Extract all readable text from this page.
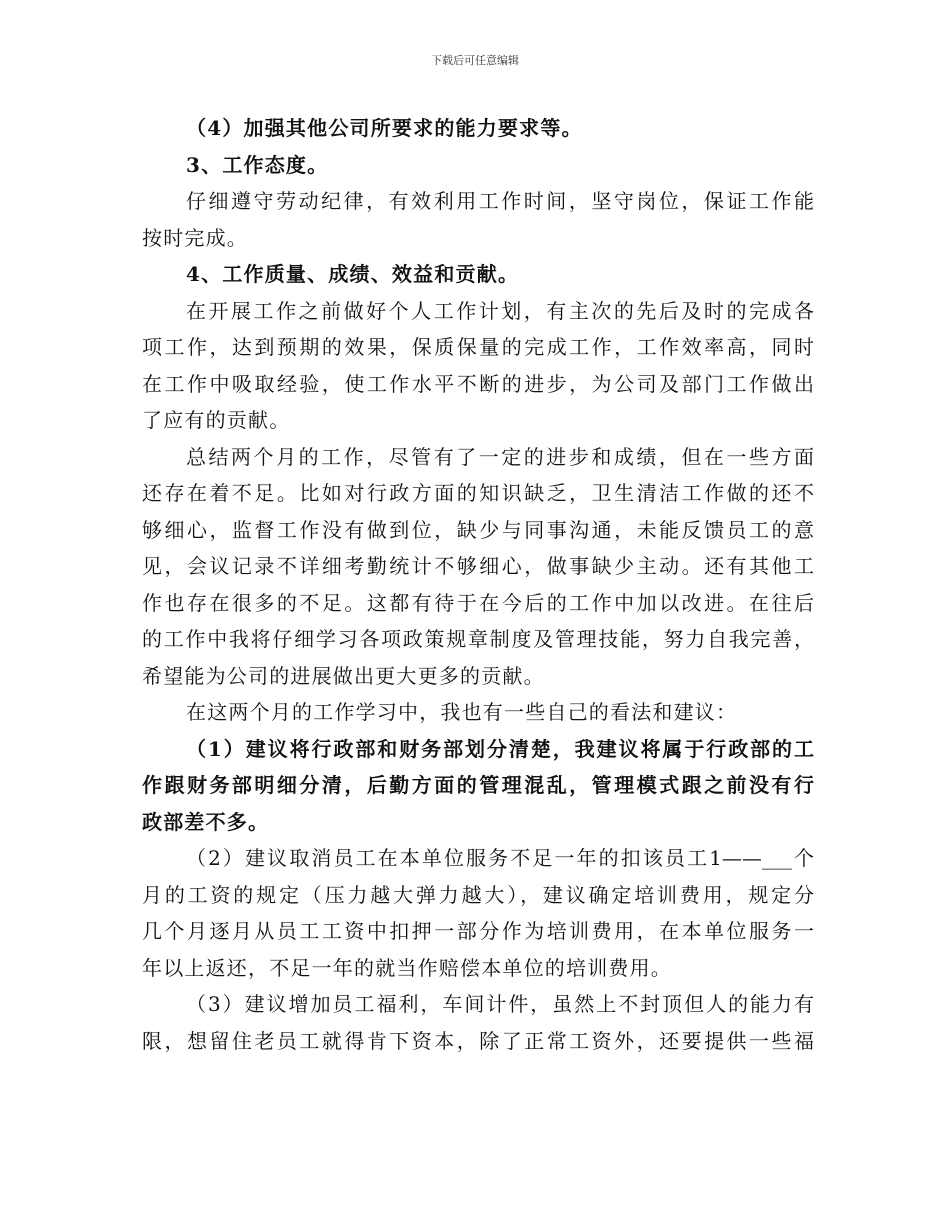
下载后可任意编辑
（4）加强其他公司所要求的能力要求等。
3、工作态度。
仔细遵守劳动纪律，有效利用工作时间，坚守岗位，保证工作能
按时完成。
4、工作质量、成绩、效益和贡献。
在开展工作之前做好个人工作计划，有主次的先后及时的完成各
项工作，达到预期的效果，保质保量的完成工作，工作效率高，同时
在工作中吸取经验，使工作水平不断的进步，为公司及部门工作做出
了应有的贡献。
总结两个月的工作，尽管有了一定的进步和成绩，但在一些方面
还存在着不足。比如对行政方面的知识缺乏，卫生清洁工作做的还不
够细心，监督工作没有做到位，缺少与同事沟通，未能反馈员工的意
见，会议记录不详细考勤统计不够细心，做事缺少主动。还有其他工
作也存在很多的不足。这都有待于在今后的工作中加以改进。在往后
的工作中我将仔细学习各项政策规章制度及管理技能，努力自我完善，
希望能为公司的进展做出更大更多的贡献。
在这两个月的工作学习中，我也有一些自己的看法和建议：
（1）建议将行政部和财务部划分清楚，我建议将属于行政部的工
作跟财务部明细分清，后勤方面的管理混乱，管理模式跟之前没有行
政部差不多。
（2）建议取消员工在本单位服务不足一年的扣该员工1——___个
月的工资的规定（压力越大弹力越大），建议确定培训费用，规定分
几个月逐月从员工工资中扣押一部分作为培训费用，在本单位服务一
年以上返还，不足一年的就当作赔偿本单位的培训费用。
（3）建议增加员工福利，车间计件，虽然上不封顶但人的能力有
限，想留住老员工就得肯下资本，除了正常工资外，还要提供一些福
